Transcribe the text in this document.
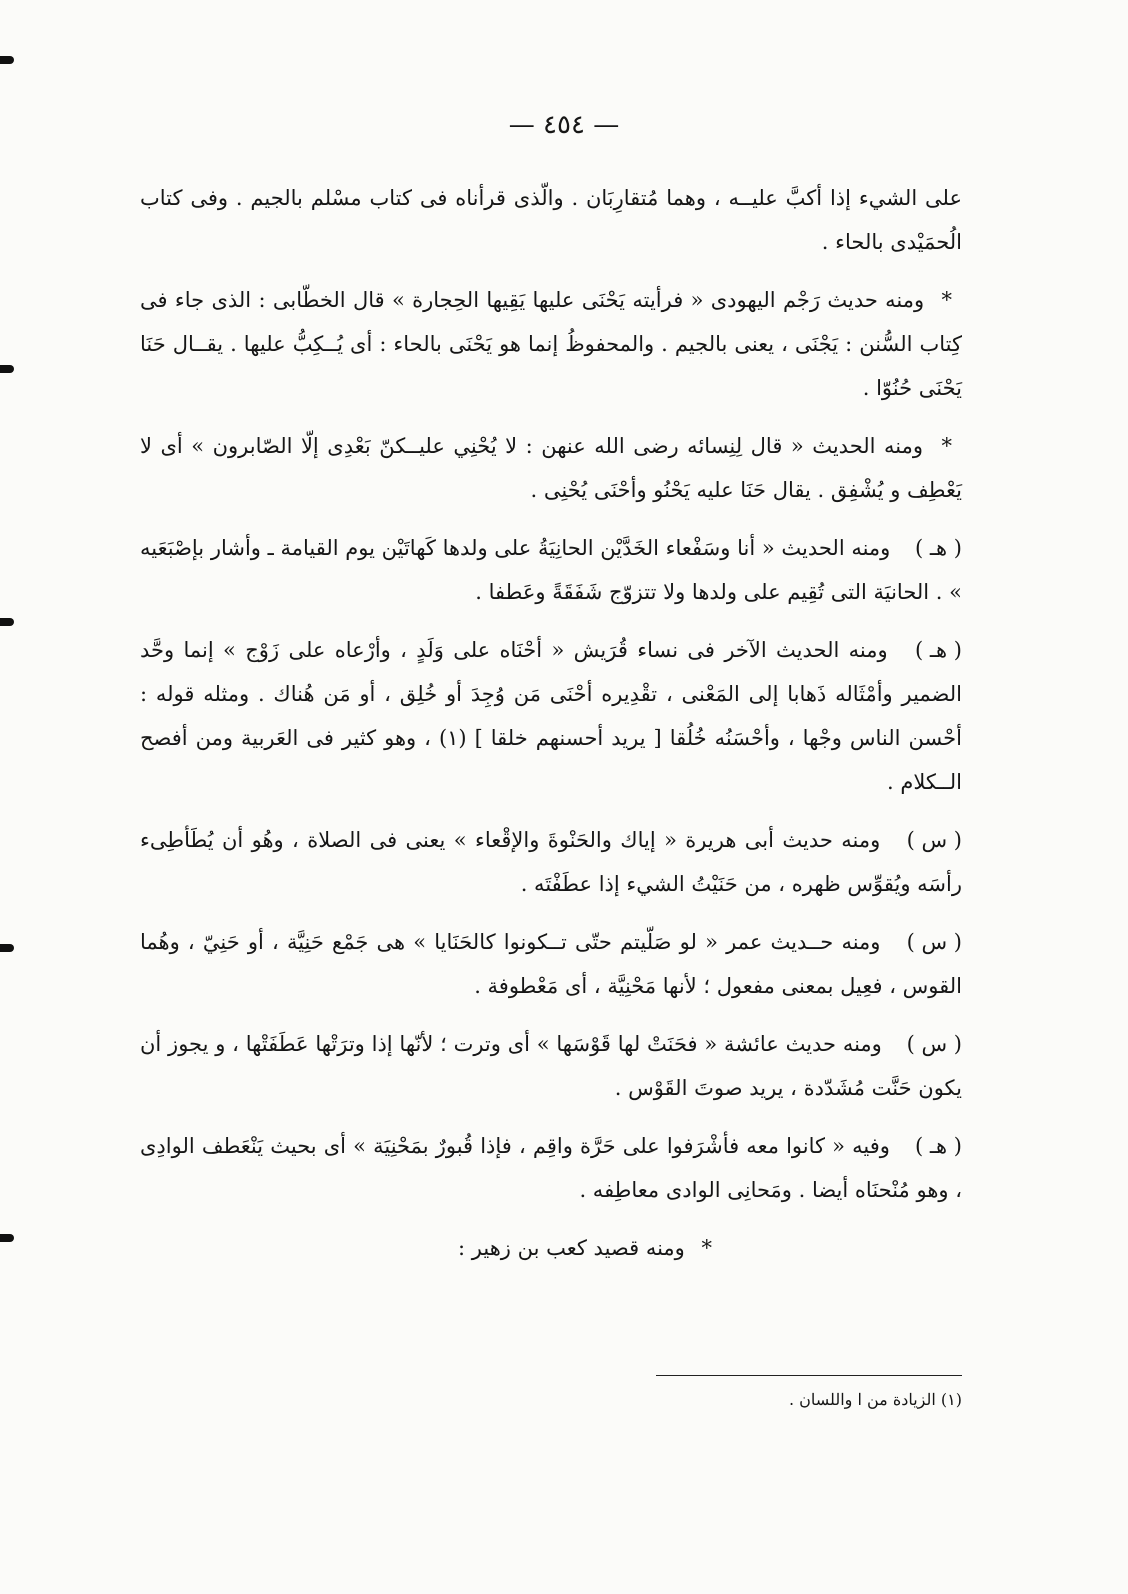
— ٤٥٤ —

على الشيء إذا أكبَّ عليــه ، وهما مُتقارِبَان . والّذى قرأناه فى كتاب مسْلم بالجيم . وفى كتاب الُحمَيْدى بالحاء .

* ومنه حديث رَجْم اليهودى « فرأيته يَحْنَى عليها يَقِيها الحِجارة » قال الخطّابى : الذى جاء فى كِتاب السُّنن : يَجْنَى ، يعنى بالجيم . والمحفوظُ إنما هو يَحْنَى بالحاء : أى يُــكِبُّ عليها . يقــال حَنَا يَحْنَى حُنُوّا .

* ومنه الحديث « قال لِنِسائه رضى الله عنهن : لا يُحْنِي عليــكنّ بَعْدِى إلّا الصّابرون » أى لا يَعْطِف و يُشْفِق . يقال حَنَا عليه يَحْنُو وأحْنَى يُحْنِى .

( هـ ) ومنه الحديث « أنا وسَفْعاء الخَدَّيْن الحانِيَةُ على ولدها كَهاتَيْن يوم القيامة ـ وأشار بإصْبَعَيه » . الحانيَة التى تُقِيم على ولدها ولا تتزوّج شَفَقَةً وعَطفا .

( هـ ) ومنه الحديث الآخر فى نساء قُرَيش « أحْنَاه على وَلَدٍ ، وأرْعاه على زَوْج » إنما وحَّد الضمير وأمْثَاله ذَهابا إلى المَعْنى ، تقْدِيره أحْنَى مَن وُجِدَ أو خُلِق ، أو مَن هُناك . ومثله قوله : أحْسن الناس وجْها ، وأحْسَنُه خُلُقا [ يريد أحسنهم خلقا ] (١) ، وهو كثير فى العَربية ومن أفصح الــكلام .

( س ) ومنه حديث أبى هريرة « إياك والحَنْوةَ والإقْعاء » يعنى فى الصلاة ، وهُو أن يُطَأطِىء رأسَه ويُقوِّس ظهره ، من حَنَيْتُ الشيء إذا عطَفْتَه .

( س ) ومنه حــديث عمر « لو صَلّيتم حتّى تــكونوا كالحَنَايا » هى جَمْع حَنِيَّة ، أو حَنِيّ ، وهُما القوس ، فعِيل بمعنى مفعول ؛ لأنها مَحْنِيَّة ، أى مَعْطوفة .

( س ) ومنه حديث عائشة « فحَنَتْ لها قَوْسَها » أى وترت ؛ لأنّها إذا وترَتْها عَطَفَتْها ، و يجوز أن يكون حَنَّت مُشَدّدة ، يريد صوتَ القَوْس .

( هـ ) وفيه « كانوا معه فأشْرَفوا على حَرَّة واقِم ، فإذا قُبورٌ بمَحْنِيَة » أى بحيث يَنْعَطف الوادِى ، وهو مُنْحنَاه أيضا . ومَحانِى الوادى معاطِفه .

* ومنه قصيد كعب بن زهير :

(١) الزيادة من ا واللسان .
